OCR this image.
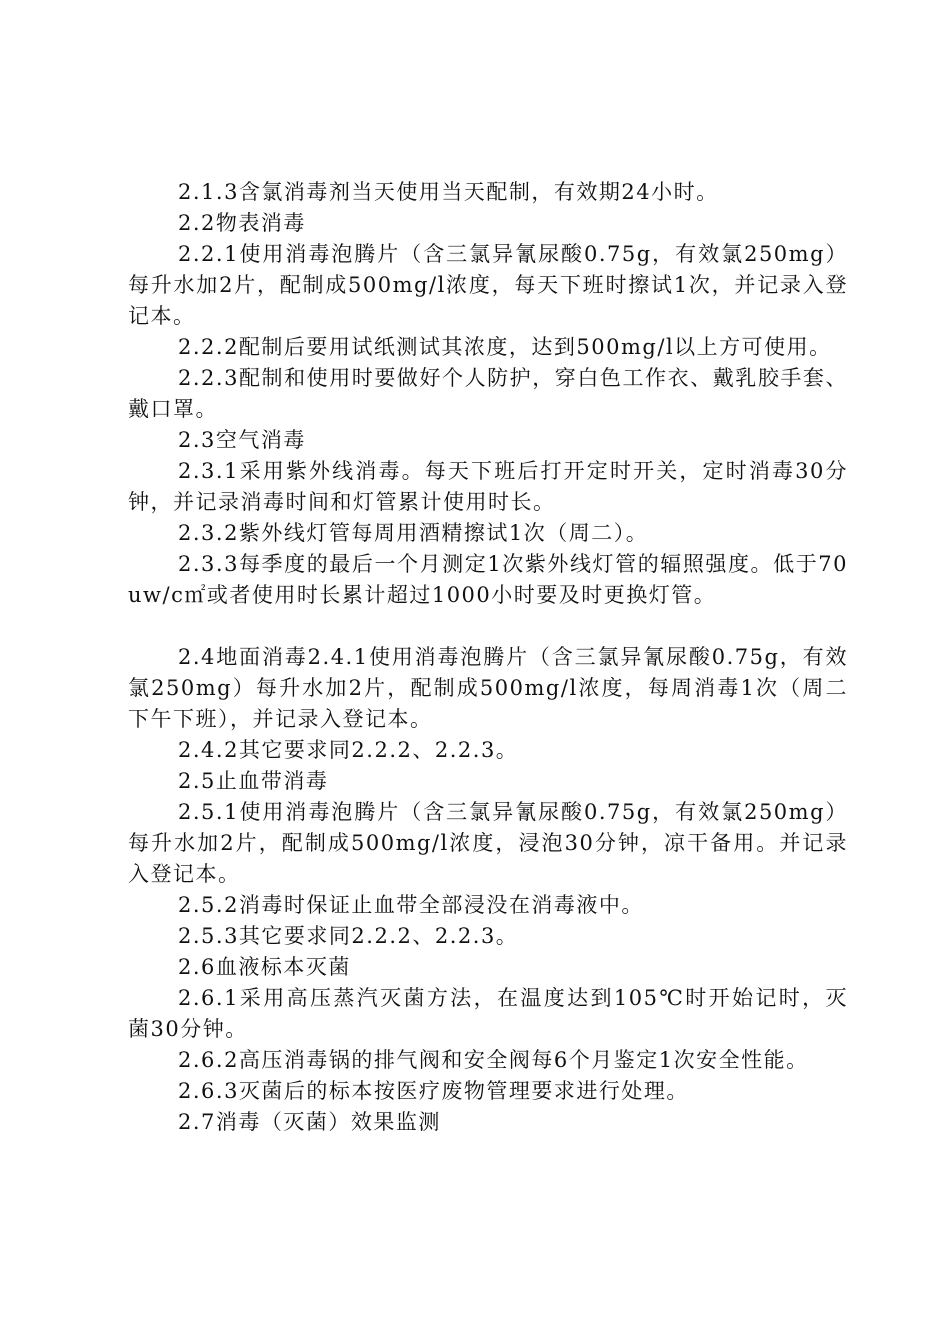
2.1.3含氯消毒剂当天使用当天配制，有效期24小时。

2.2物表消毒

2.2.1使用消毒泡腾片（含三氯异氰尿酸0.75g，有效氯250mg）每升水加2片，配制成500mg/l浓度，每天下班时擦试1次，并记录入登记本。

2.2.2配制后要用试纸测试其浓度，达到500mg/l以上方可使用。

2.2.3配制和使用时要做好个人防护，穿白色工作衣、戴乳胶手套、戴口罩。

2.3空气消毒

2.3.1采用紫外线消毒。每天下班后打开定时开关，定时消毒30分钟，并记录消毒时间和灯管累计使用时长。

2.3.2紫外线灯管每周用酒精擦试1次（周二）。

2.3.3每季度的最后一个月测定1次紫外线灯管的辐照强度。低于70uw/c㎡或者使用时长累计超过1000小时要及时更换灯管。

2.4地面消毒2.4.1使用消毒泡腾片（含三氯异氰尿酸0.75g，有效氯250mg）每升水加2片，配制成500mg/l浓度，每周消毒1次（周二下午下班），并记录入登记本。

2.4.2其它要求同2.2.2、2.2.3。

2.5止血带消毒

2.5.1使用消毒泡腾片（含三氯异氰尿酸0.75g，有效氯250mg）每升水加2片，配制成500mg/l浓度，浸泡30分钟，凉干备用。并记录入登记本。

2.5.2消毒时保证止血带全部浸没在消毒液中。

2.5.3其它要求同2.2.2、2.2.3。

2.6血液标本灭菌

2.6.1采用高压蒸汽灭菌方法，在温度达到105℃时开始记时，灭菌30分钟。

2.6.2高压消毒锅的排气阀和安全阀每6个月鉴定1次安全性能。

2.6.3灭菌后的标本按医疗废物管理要求进行处理。

2.7消毒（灭菌）效果监测
